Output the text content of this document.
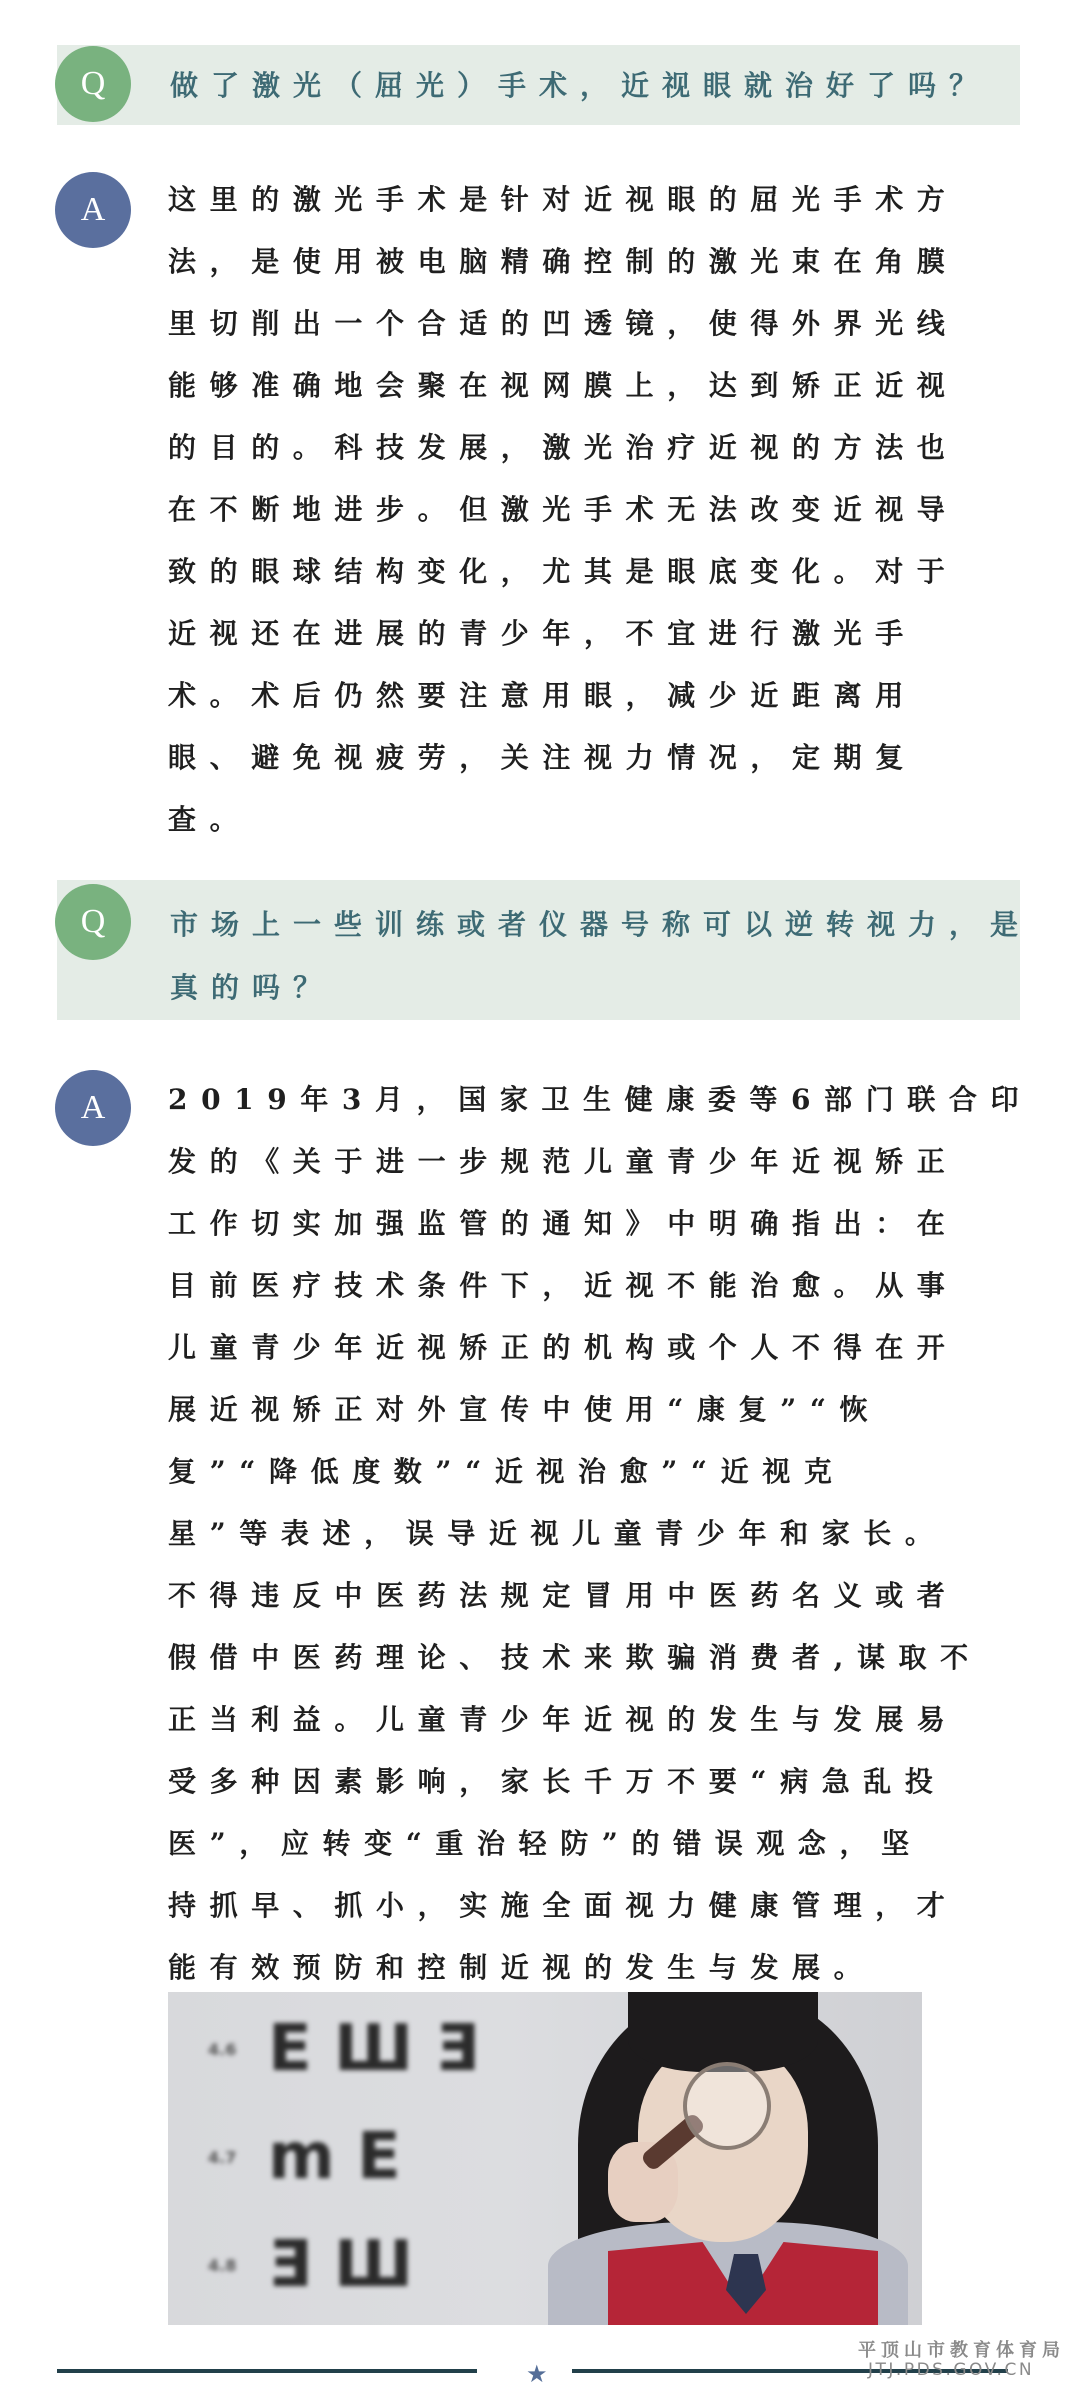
Q	做了激光（屈光）手术，近视眼就治好了吗？
A	这里的激光手术是针对近视眼的屈光手术方
法，是使用被电脑精确控制的激光束在角膜
里切削出一个合适的凹透镜，使得外界光线
能够准确地会聚在视网膜上，达到矫正近视
的目的。科技发展，激光治疗近视的方法也
在不断地进步。但激光手术无法改变近视导
致的眼球结构变化，尤其是眼底变化。对于
近视还在进展的青少年，不宜进行激光手
术。术后仍然要注意用眼，减少近距离用
眼、避免视疲劳，关注视力情况，定期复
查。
Q	市场上一些训练或者仪器号称可以逆转视力，是
真的吗？
A	2019年3月，国家卫生健康委等6部门联合印
发的《关于进一步规范儿童青少年近视矫正
工作切实加强监管的通知》中明确指出：在
目前医疗技术条件下，近视不能治愈。从事
儿童青少年近视矫正的机构或个人不得在开
展近视矫正对外宣传中使用“康复”“恢
复”“降低度数”“近视治愈”“近视克
星”等表述，误导近视儿童青少年和家长。
不得违反中医药法规定冒用中医药名义或者
假借中医药理论、技术来欺骗消费者,谋取不
正当利益。儿童青少年近视的发生与发展易
受多种因素影响，家长千万不要“病急乱投
医”，应转变“重治轻防”的错误观念，坚
持抓早、抓小，实施全面视力健康管理，才
能有效预防和控制近视的发生与发展。
4.6 E Ш Ǝ
4.7 m E
4.8 Ǝ Ш
★
平顶山市教育体育局
JTJ.PDS.GOV.CN
